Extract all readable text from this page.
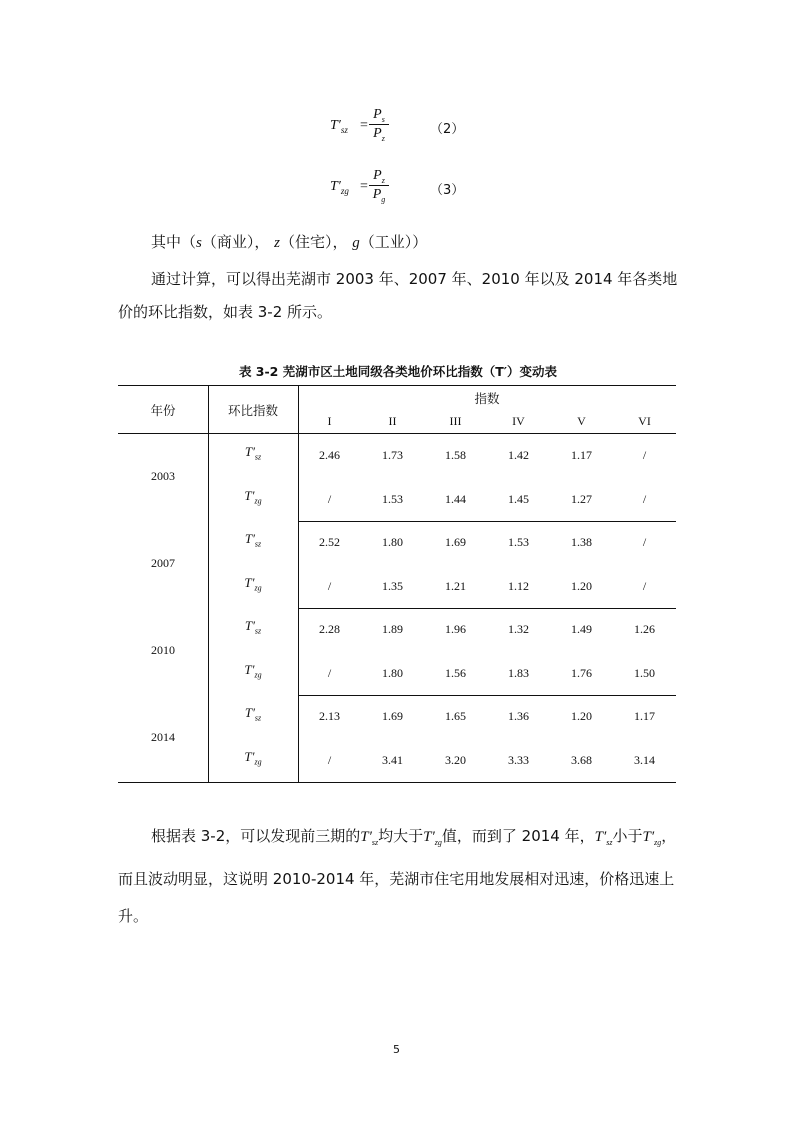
$T'_{sz}$ =
$P_s$
$P_z$
（2）
$T'_{zg}$ =
$P_z$
$P_g$
（3）
其中（s（商业）， z（住宅）， g（工业））
通过计算，可以得出芜湖市 2003 年、2007 年、2010 年以及 2014 年各类地价的环比指数，如表 3-2 所示。
表 3-2 芜湖市区土地同级各类地价环比指数（T′）变动表
年份	环比指数
指数
I	II	III	IV	V	VI
2003
$T'_{sz}$	2.46	1.73	1.58	1.42	1.17	/
$T'_{zg}$	/	1.53	1.44	1.45	1.27	/
2007
$T'_{sz}$	2.52	1.80	1.69	1.53	1.38	/
$T'_{zg}$	/	1.35	1.21	1.12	1.20	/
2010
$T'_{sz}$	2.28	1.89	1.96	1.32	1.49	1.26
$T'_{zg}$	/	1.80	1.56	1.83	1.76	1.50
2014
$T'_{sz}$	2.13	1.69	1.65	1.36	1.20	1.17
$T'_{zg}$	/	3.41	3.20	3.33	3.68	3.14
根据表 3-2，可以发现前三期的$T'_{sz}$均大于$T'_{zg}$值，而到了 2014 年，$T'_{sz}$小于$T'_{zg}$，而且波动明显，这说明 2010-2014 年，芜湖市住宅用地发展相对迅速，价格迅速上升。
5
